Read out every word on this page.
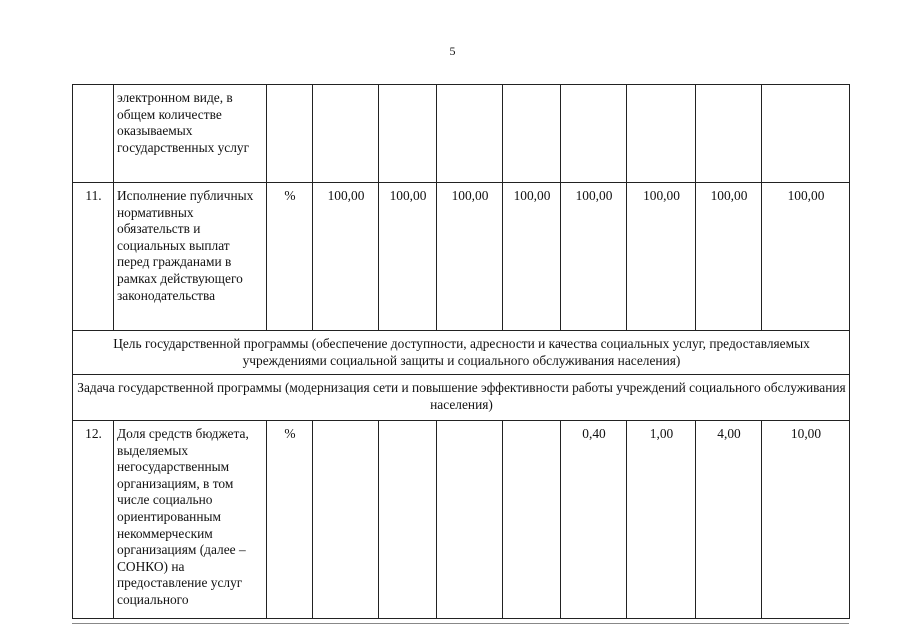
5
	электронном виде, в общем количестве оказываемых государственных услуг									
11.	Исполнение публичных нормативных обязательств и социальных выплат перед гражданами в рамках действующего законодательства	%	100,00	100,00	100,00	100,00	100,00	100,00	100,00	100,00
Цель государственной программы (обеспечение доступности, адресности и качества социальных услуг, предоставляемых учреждениями социальной защиты и социального обслуживания населения)										
Задача государственной программы (модернизация сети и повышение эффективности работы учреждений социального обслуживания населения)										
12.	Доля средств бюджета, выделяемых негосударственным организациям, в том числе социально ориентированным некоммерческим организациям (далее – СОНКО) на предоставление услуг социального	%					0,40	1,00	4,00	10,00
